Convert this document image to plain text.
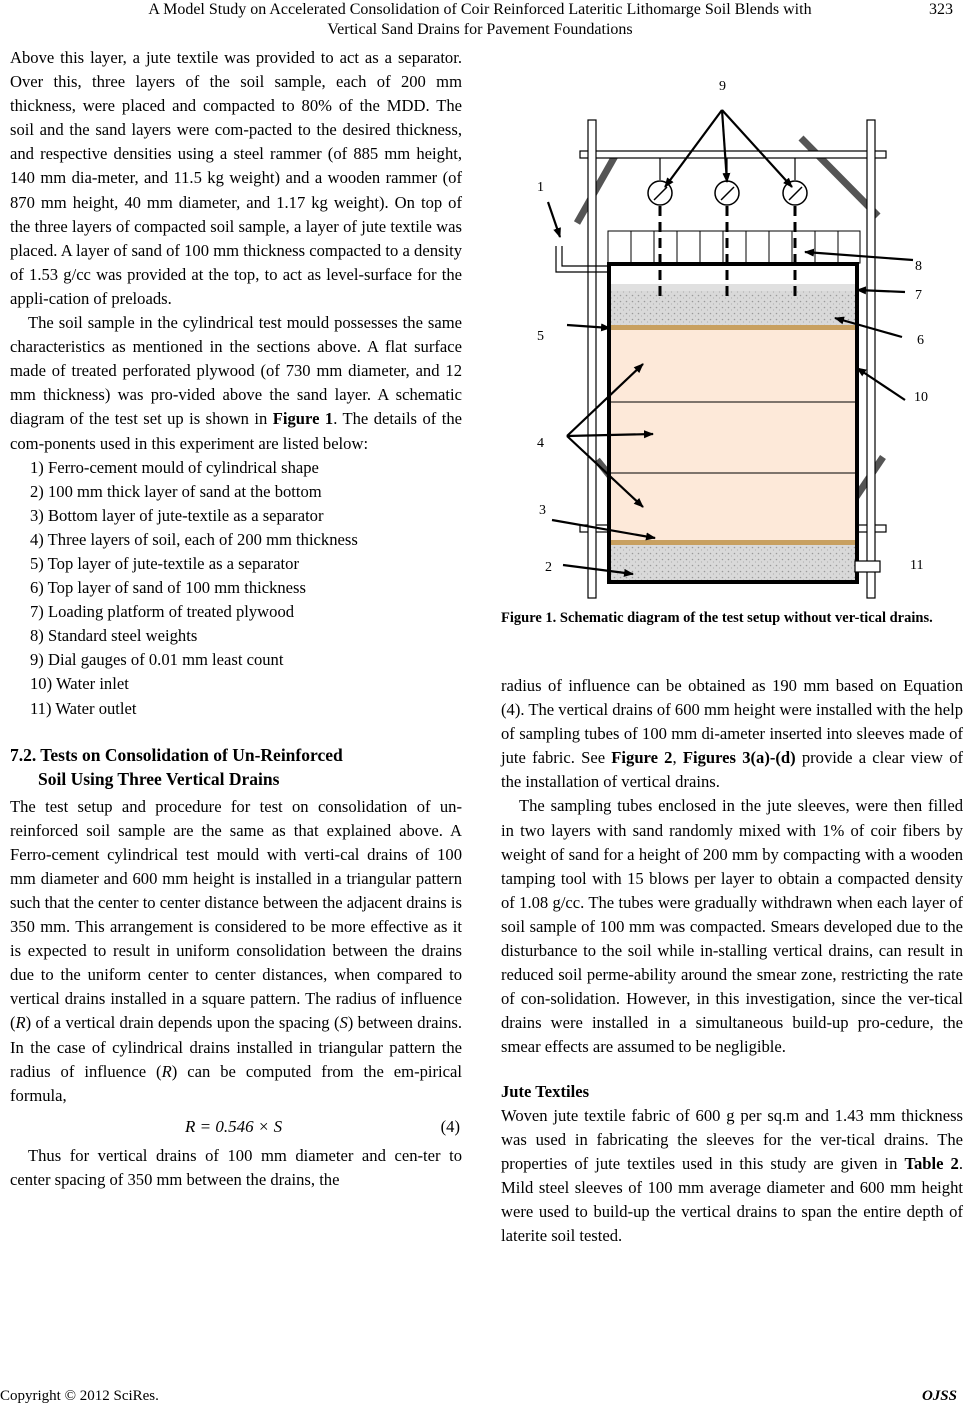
A Model Study on Accelerated Consolidation of Coir Reinforced Lateritic Lithomarge Soil Blends with
Vertical Sand Drains for Pavement Foundations
323

Above this layer, a jute textile was provided to act as a separator. Over this, three layers of the soil sample, each of 200 mm thickness, were placed and compacted to 80% of the MDD. The soil and the sand layers were com-pacted to the desired thickness, and respective densities using a steel rammer (of 885 mm height, 140 mm dia-meter, and 11.5 kg weight) and a wooden rammer (of 870 mm height, 40 mm diameter, and 1.17 kg weight). On top of the three layers of compacted soil sample, a layer of jute textile was placed. A layer of sand of 100 mm thickness compacted to a density of 1.53 g/cc was provided at the top, to act as level-surface for the appli-cation of preloads.

The soil sample in the cylindrical test mould possesses the same characteristics as mentioned in the sections above. A flat surface made of treated perforated plywood (of 730 mm diameter, and 12 mm thickness) was pro-vided above the sand layer. A schematic diagram of the test set up is shown in Figure 1. The details of the com-ponents used in this experiment are listed below:

1) Ferro-cement mould of cylindrical shape
2) 100 mm thick layer of sand at the bottom
3) Bottom layer of jute-textile as a separator
4) Three layers of soil, each of 200 mm thickness
5) Top layer of jute-textile as a separator
6) Top layer of sand of 100 mm thickness
7) Loading platform of treated plywood
8) Standard steel weights
9) Dial gauges of 0.01 mm least count
10) Water inlet
11) Water outlet
7.2. Tests on Consolidation of Un-Reinforced
Soil Using Three Vertical Drains

The test setup and procedure for test on consolidation of un-reinforced soil sample are the same as that explained above. A Ferro-cement cylindrical test mould with verti-cal drains of 100 mm diameter and 600 mm height is installed in a triangular pattern such that the center to center distance between the adjacent drains is 350 mm. This arrangement is considered to be more effective as it is expected to result in uniform consolidation between the drains due to the uniform center to center distances, when compared to vertical drains installed in a square pattern. The radius of influence (R) of a vertical drain depends upon the spacing (S) between drains. In the case of cylindrical drains installed in triangular pattern the radius of influence (R) can be computed from the em-pirical formula,

R = 0.546 × S	(4)

Thus for vertical drains of 100 mm diameter and cen-ter to center spacing of 350 mm between the drains, the

1
2
3
4
5	6
7
8
9
10
11
Figure 1. Schematic diagram of the test setup without ver-tical drains.

radius of influence can be obtained as 190 mm based on Equation (4). The vertical drains of 600 mm height were installed with the help of sampling tubes of 100 mm di-ameter inserted into sleeves made of jute fabric. See Figure 2, Figures 3(a)-(d) provide a clear view of the installation of vertical drains.

The sampling tubes enclosed in the jute sleeves, were then filled in two layers with sand randomly mixed with 1% of coir fibers by weight of sand for a height of 200 mm by compacting with a wooden tamping tool with 15 blows per layer to obtain a compacted density of 1.08 g/cc. The tubes were gradually withdrawn when each layer of soil sample of 100 mm was compacted. Smears developed due to the disturbance to the soil while in-stalling vertical drains, can result in reduced soil perme-ability around the smear zone, restricting the rate of con-solidation. However, in this investigation, since the ver-tical drains were installed in a simultaneous build-up pro-cedure, the smear effects are assumed to be negligible.

Jute Textiles

Woven jute textile fabric of 600 g per sq.m and 1.43 mm thickness was used in fabricating the sleeves for the ver-tical drains. The properties of jute textiles used in this study are given in Table 2. Mild steel sleeves of 100 mm average diameter and 600 mm height were used to build-up the vertical drains to span the entire depth of laterite soil tested.

Copyright © 2012 SciRes.	OJSS
